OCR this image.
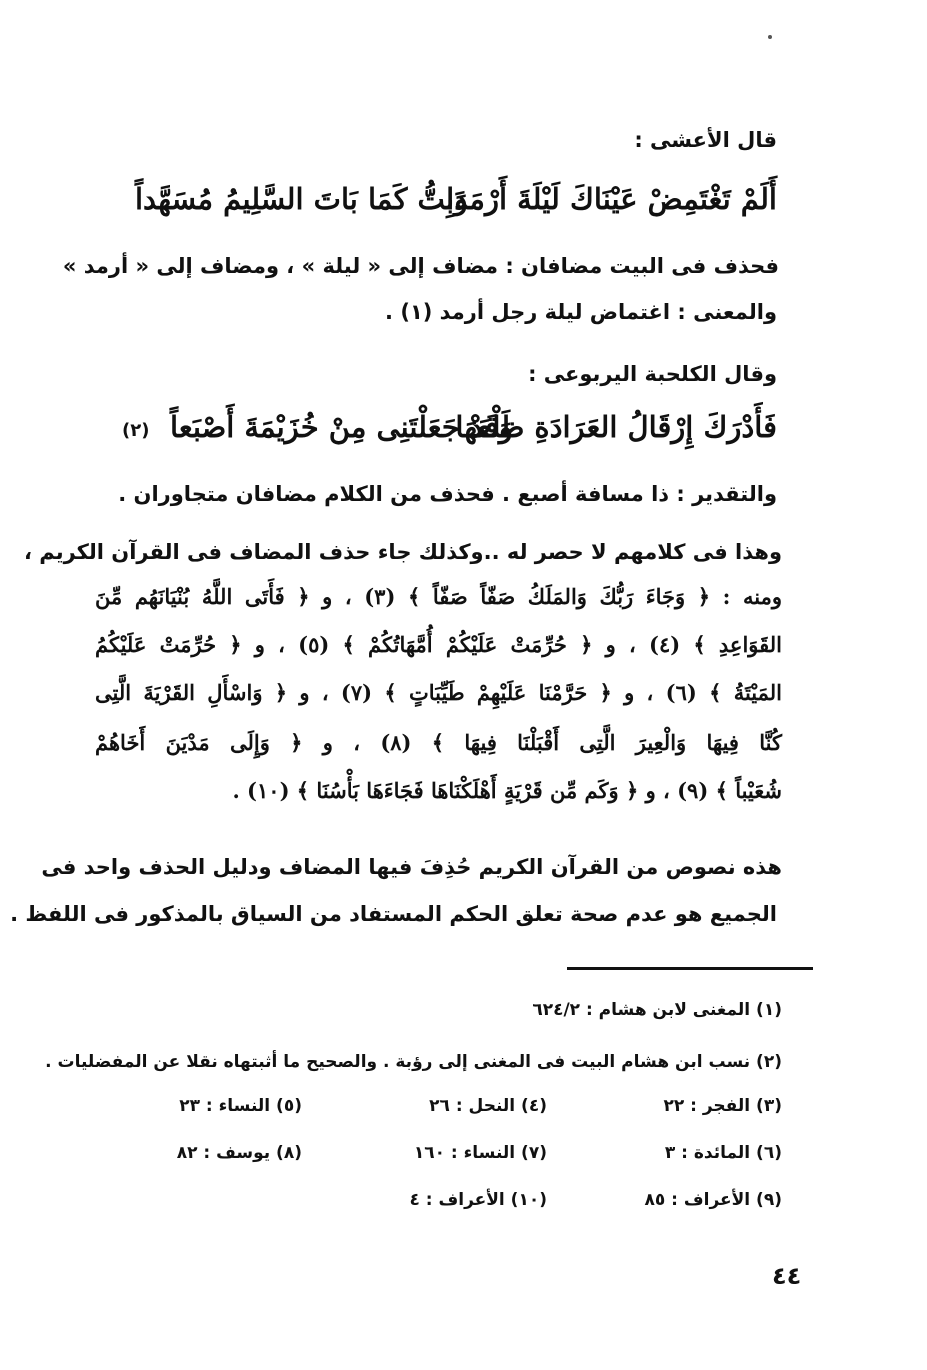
قال الأعشى :
أَلَمْ تَغْتَمِضْ عَيْنَاكَ لَيْلَةَ أَرْمَدَا
وَبِتُّ كَمَا بَاتَ السَّلِيمُ مُسَهَّداً
فحذف فى البيت مضافان : مضاف إلى « ليلة » ، ومضاف إلى « أرمد »
والمعنى : اغتماض ليلة رجل أرمد (١) .
وقال الكلحبة اليربوعى :
فَأَدْرَكَ إِرْقَالُ العَرَادَةِ ظَلْعَهَا
وَقَدْ جَعَلْتَنِى مِنْ خُزَيْمَةَ أَصْبَعاً
(٢)
والتقدير : ذا مسافة أصبع . فحذف من الكلام مضافان متجاوران .
وهذا فى كلامهم لا حصر له ..وكذلك جاء حذف المضاف فى القرآن الكريم ،
ومنه : ﴿ وَجَاءَ رَبُّكَ وَالمَلَكُ صَفّاً صَفّاً ﴾ (٣) ، و ﴿ فَأَتَى اللَّهُ بُنْيَانَهُم مِّنَ
القَوَاعِدِ ﴾ (٤) ، و ﴿ حُرِّمَتْ عَلَيْكُمْ أُمَّهَاتُكُمْ ﴾ (٥) ، و ﴿ حُرِّمَتْ عَلَيْكُمُ
المَيْتَةُ ﴾ (٦) ، و ﴿ حَرَّمْنَا عَلَيْهِمْ طَيِّبَاتٍ ﴾ (٧) ، و ﴿ وَاسْأَلِ القَرْيَةَ الَّتِى
كُنَّا فِيهَا وَالْعِيرَ الَّتِى أَقْبَلْنَا فِيهَا ﴾ (٨) ، و ﴿ وَإِلَى مَدْيَنَ أَخَاهُمْ
شُعَيْباً ﴾ (٩) ، و ﴿ وَكَم مِّن قَرْيَةٍ أَهْلَكْنَاهَا فَجَاءَهَا بَأْسُنَا ﴾ (١٠) .
هذه نصوص من القرآن الكريم حُذِفَ فيها المضاف ودليل الحذف واحد فى
الجميع هو عدم صحة تعلق الحكم المستفاد من السياق بالمذكور فى اللفظ .
(١) المغنى لابن هشام : ٦٢٤/٢
(٢) نسب ابن هشام البيت فى المغنى إلى رؤبة . والصحيح ما أثبتهاه نقلا عن المفضليات .
(٣) الفجر : ٢٢
(٤) النحل : ٢٦
(٥) النساء : ٢٣
(٦) المائدة : ٣
(٧) النساء : ١٦٠
(٨) يوسف : ٨٢
(٩) الأعراف : ٨٥
(١٠) الأعراف : ٤
٤٤
